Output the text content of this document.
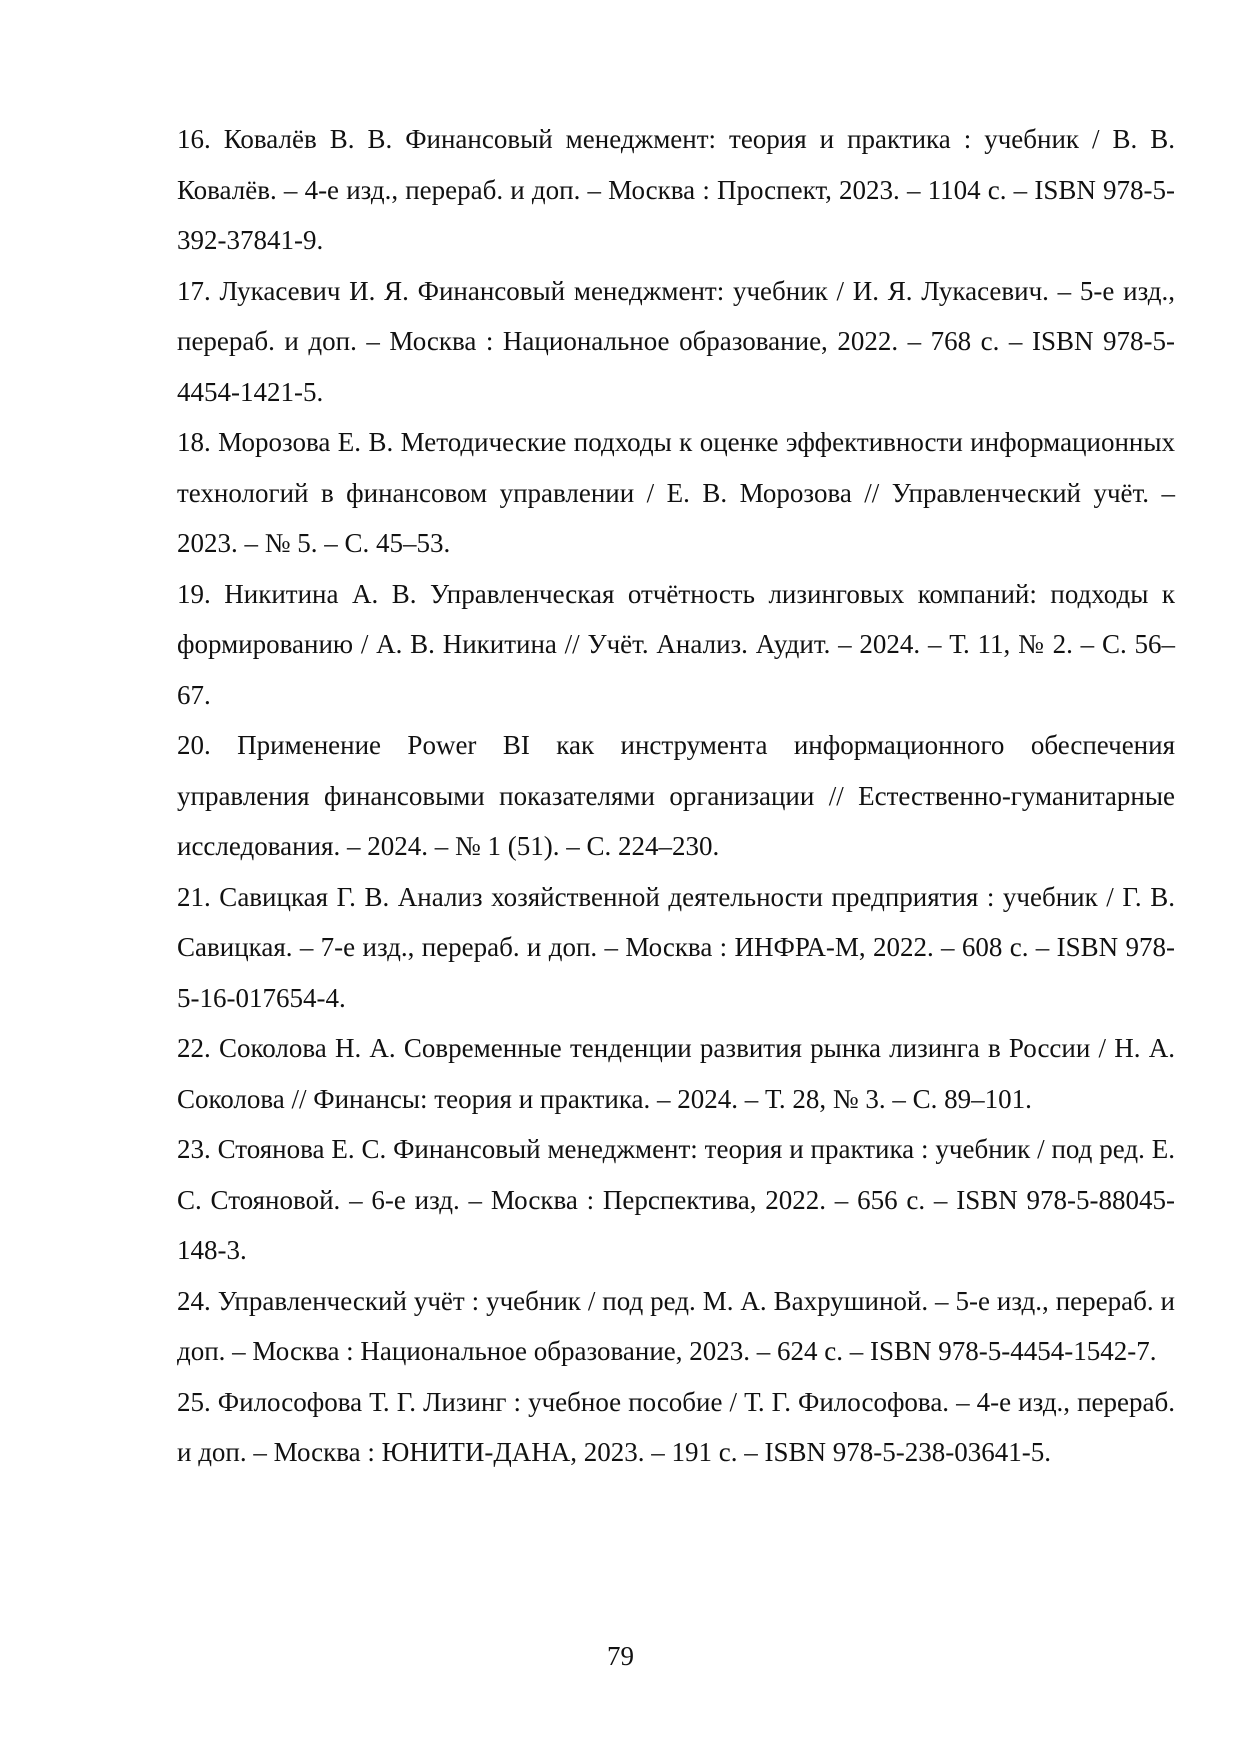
16. Ковалёв В. В. Финансовый менеджмент: теория и практика : учебник / В. В. Ковалёв. – 4-е изд., перераб. и доп. – Москва : Проспект, 2023. – 1104 с. – ISBN 978-5-392-37841-9.

17. Лукасевич И. Я. Финансовый менеджмент: учебник / И. Я. Лукасевич. – 5-е изд., перераб. и доп. – Москва : Национальное образование, 2022. – 768 с. – ISBN 978-5-4454-1421-5.

18. Морозова Е. В. Методические подходы к оценке эффективности информационных технологий в финансовом управлении / Е. В. Морозова // Управленческий учёт. – 2023. – № 5. – С. 45–53.

19. Никитина А. В. Управленческая отчётность лизинговых компаний: подходы к формированию / А. В. Никитина // Учёт. Анализ. Аудит. – 2024. – Т. 11, № 2. – С. 56–67.

20. Применение Power BI как инструмента информационного обеспечения управления финансовыми показателями организации // Естественно-гуманитарные исследования. – 2024. – № 1 (51). – С. 224–230.

21. Савицкая Г. В. Анализ хозяйственной деятельности предприятия : учебник / Г. В. Савицкая. – 7-е изд., перераб. и доп. – Москва : ИНФРА-М, 2022. – 608 с. – ISBN 978-5-16-017654-4.

22. Соколова Н. А. Современные тенденции развития рынка лизинга в России / Н. А. Соколова // Финансы: теория и практика. – 2024. – Т. 28, № 3. – С. 89–101.

23. Стоянова Е. С. Финансовый менеджмент: теория и практика : учебник / под ред. Е. С. Стояновой. – 6-е изд. – Москва : Перспектива, 2022. – 656 с. – ISBN 978-5-88045-148-3.

24. Управленческий учёт : учебник / под ред. М. А. Вахрушиной. – 5-е изд., перераб. и доп. – Москва : Национальное образование, 2023. – 624 с. – ISBN 978-5-4454-1542-7.

25. Философова Т. Г. Лизинг : учебное пособие / Т. Г. Философова. – 4-е изд., перераб. и доп. – Москва : ЮНИТИ-ДАНА, 2023. – 191 с. – ISBN 978-5-238-03641-5.

79
